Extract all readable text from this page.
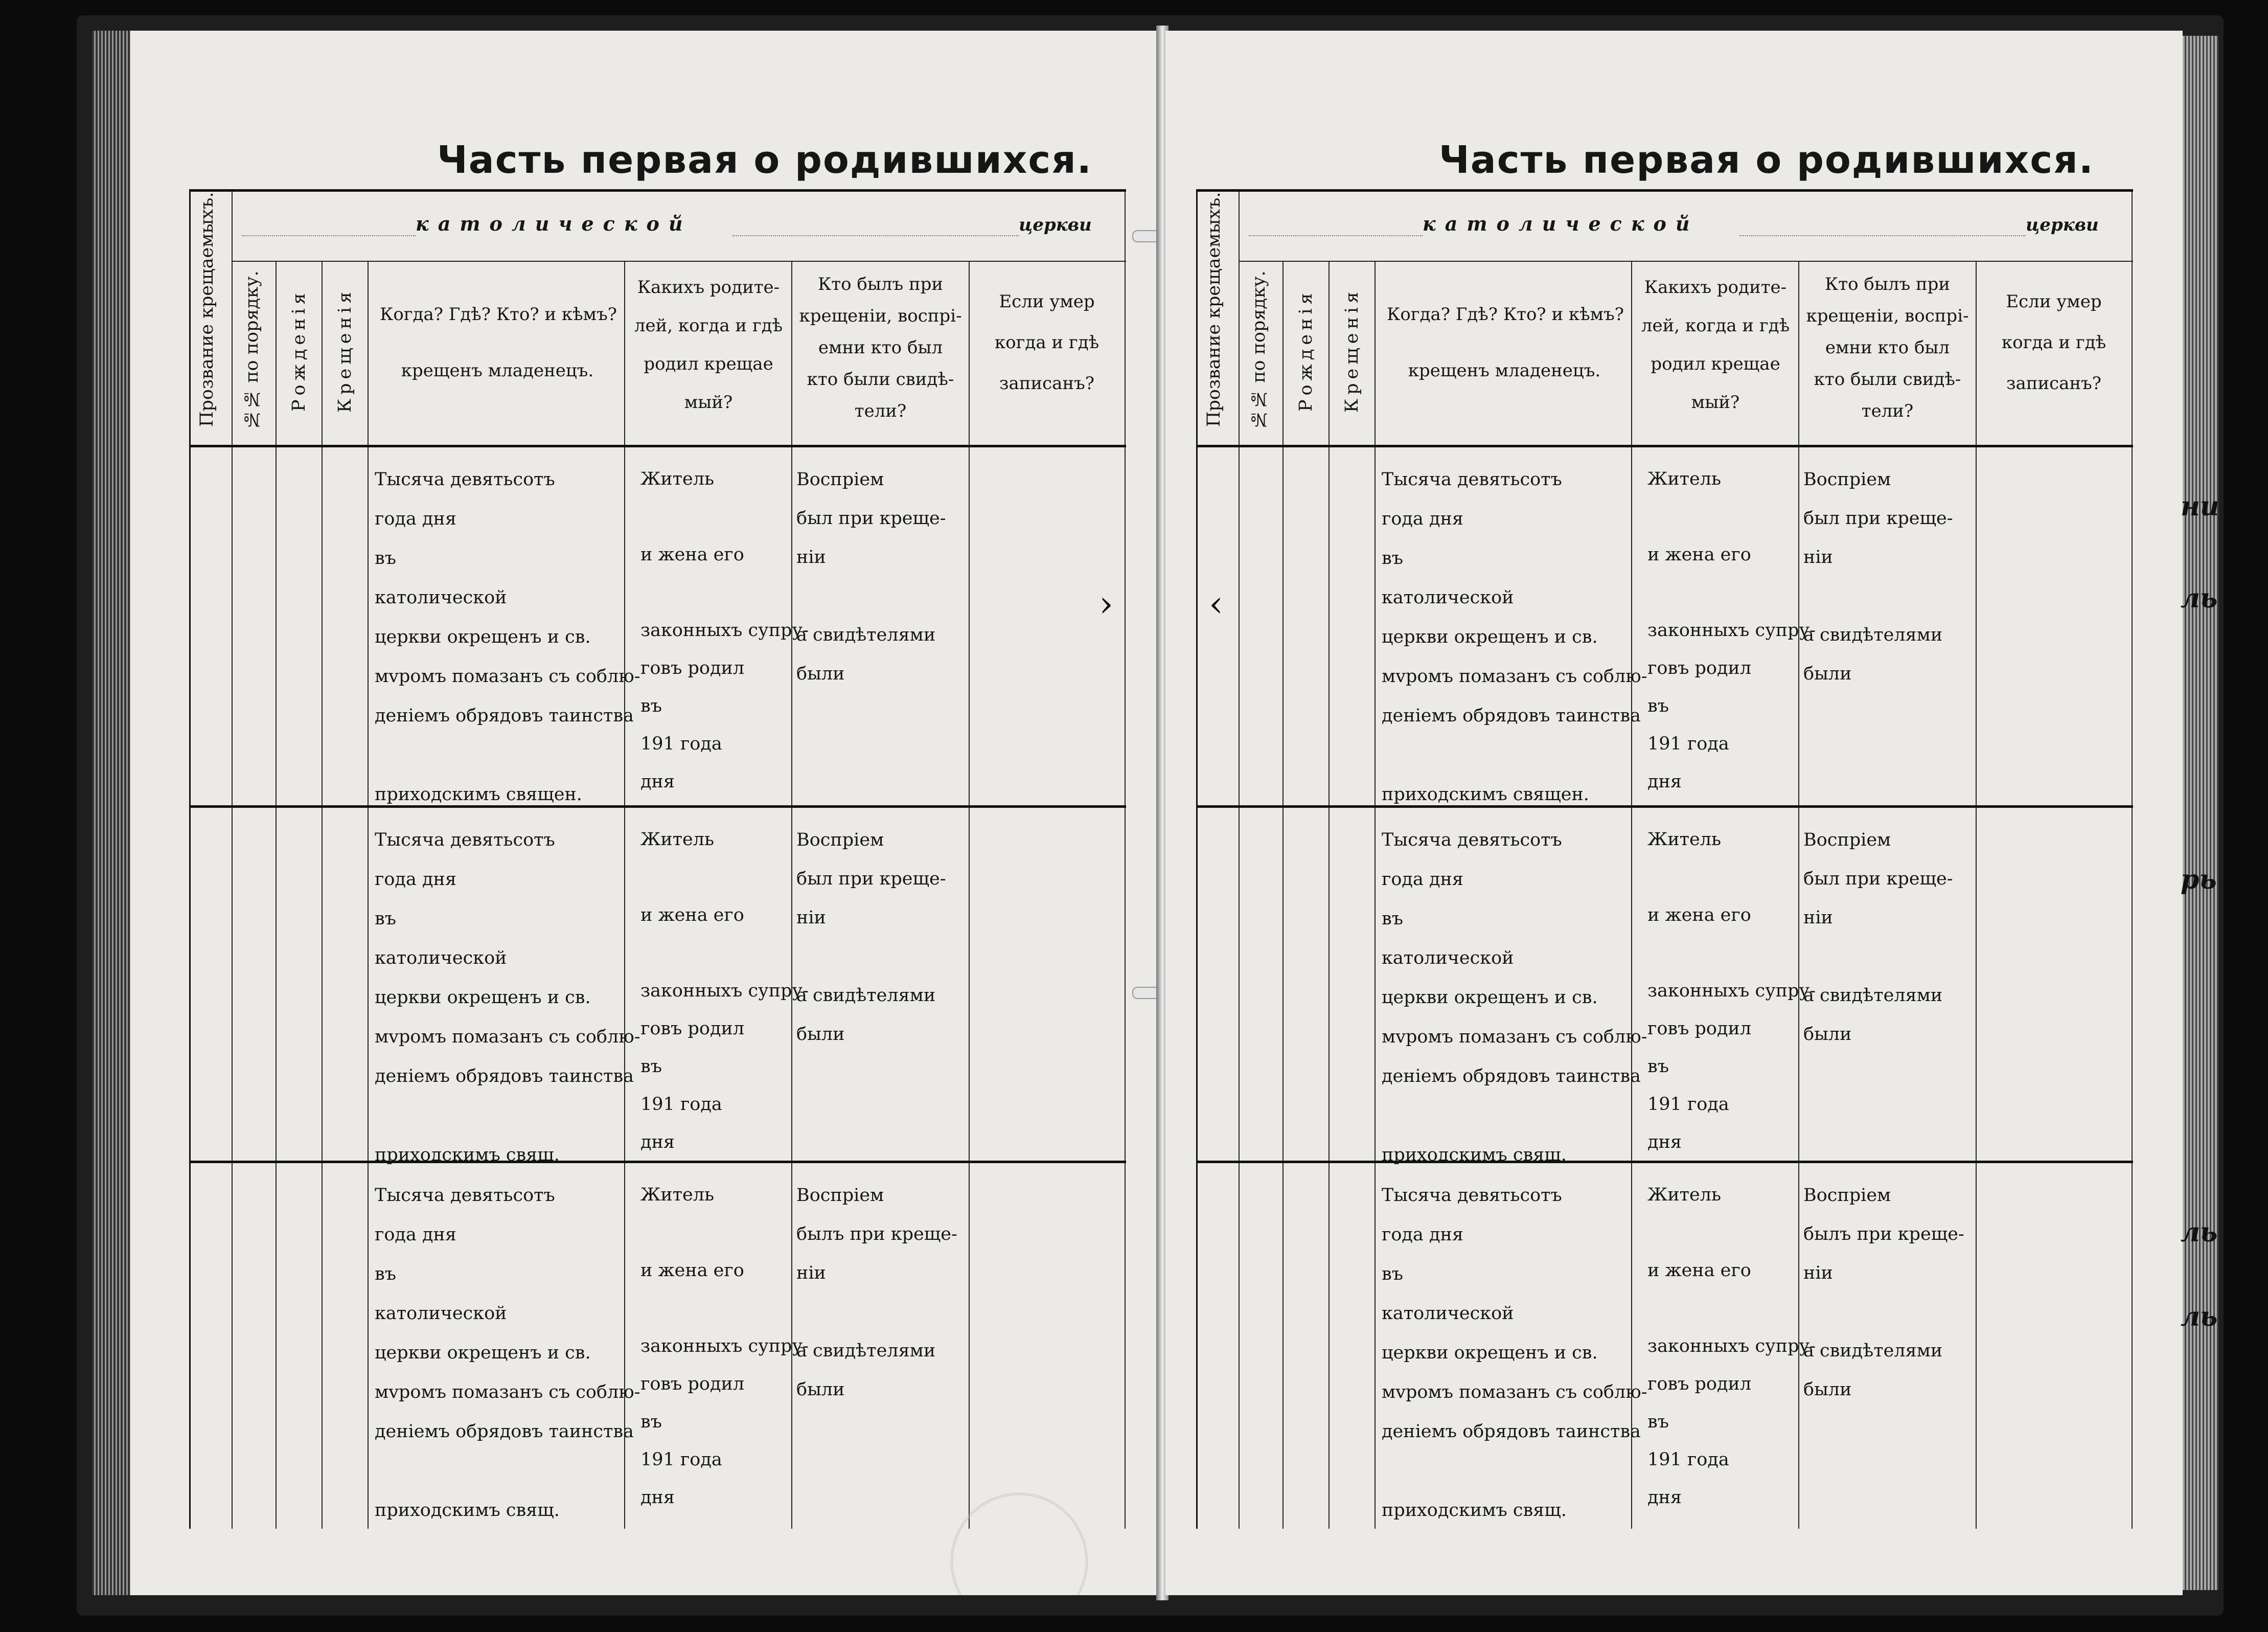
Часть первая о родившихся.
Прозвание крещаемыхъ. №№ по порядку. Рожденія Крещенія
католической	церкви
Когда? Гдѣ? Кто? и кѣмъ?
крещенъ младенецъ.
Какихъ родите-
лей, когда и гдѣ
родил крещае
мый?
Кто былъ при
крещеніи, воспрі-
емни кто был
кто были свидѣ-
тели?
Если умер
когда и гдѣ
записанъ?
Тысяча девятьсотъ
года дня
въ
католической
церкви окрещенъ и св.
мvромъ помазанъ съ соблю-
деніемъ обрядовъ таинства

приходскимъ священ.
Житель

и жена его

законныхъ супру-
говъ родил
въ
191 года
дня
Воспріем
был при крещe-
ніи

а свидѣтелями
были
Тысяча девятьсотъ
года дня
въ
католической
церкви окрещенъ и св.
мvромъ помазанъ съ соблю-
деніемъ обрядовъ таинства

приходскимъ свящ.
Житель

и жена его

законныхъ супру-
говъ родил
въ
191 года
дня
Воспріем
был при крещe-
ніи

а свидѣтелями
были
Тысяча девятьсотъ
года дня
въ
католической
церкви окрещенъ и св.
мvромъ помазанъ съ соблю-
деніемъ обрядовъ таинства

приходскимъ свящ.
Житель

и жена его

законныхъ супру-
говъ родил
въ
191 года
дня
Воспріем
былъ при крещe-
ніи

а свидѣтелями
были
›
Часть первая о родившихся.
Прозвание крещаемыхъ. №№ по порядку. Рожденія Крещенія
католической	церкви
Когда? Гдѣ? Кто? и кѣмъ?
крещенъ младенецъ.
Какихъ родите-
лей, когда и гдѣ
родил крещае
мый?
Кто былъ при
крещеніи, воспрі-
емни кто был
кто были свидѣ-
тели?
Если умер
когда и гдѣ
записанъ?
Тысяча девятьсотъ
года дня
въ
католической
церкви окрещенъ и св.
мvромъ помазанъ съ соблю-
деніемъ обрядовъ таинства

приходскимъ священ.
Житель

и жена его

законныхъ супру-
говъ родил
въ
191 года
дня
Воспріем
был при крещe-
ніи

а свидѣтелями
были
Тысяча девятьсотъ
года дня
въ
католической
церкви окрещенъ и св.
мvромъ помазанъ съ соблю-
деніемъ обрядовъ таинства

приходскимъ свящ.
Житель

и жена его

законныхъ супру-
говъ родил
въ
191 года
дня
Воспріем
был при крещe-
ніи

а свидѣтелями
были
Тысяча девятьсотъ
года дня
въ
католической
церкви окрещенъ и св.
мvромъ помазанъ съ соблю-
деніемъ обрядовъ таинства

приходскимъ свящ.
Житель

и жена его

законныхъ супру-
говъ родил
въ
191 года
дня
Воспріем
былъ при крещe-
ніи

а свидѣтелями
были
‹
ни
ль
рь
ль
ль
